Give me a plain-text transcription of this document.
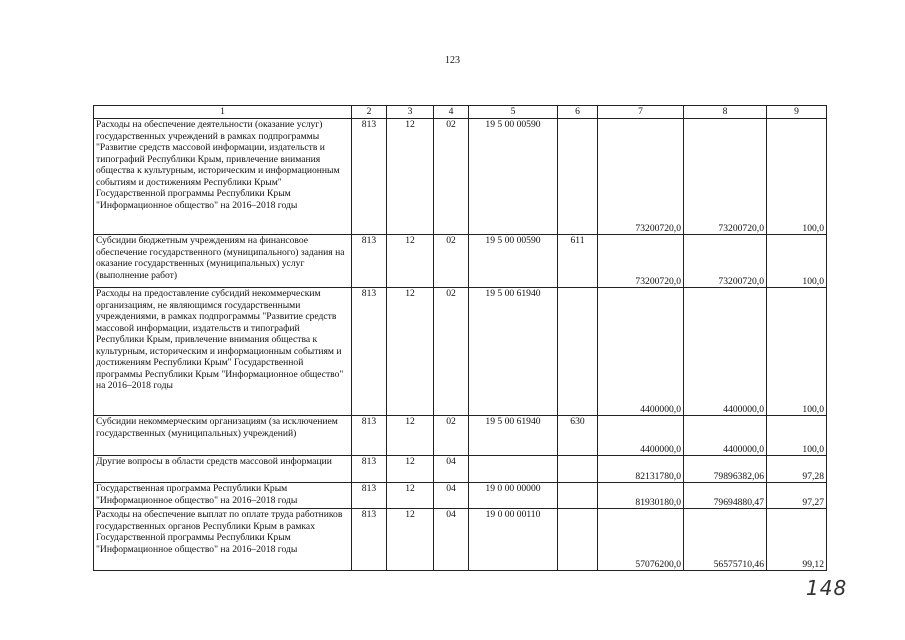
123
1	2	3	4	5	6	7	8	9
Расходы на обеспечение деятельности (оказание услуг) государственных учреждений в рамках подпрограммы "Развитие средств массовой информации, издательств и типографий Республики Крым, привлечение внимания общества к культурным, историческим и информационным событиям и достижениям Республики Крым" Государственной программы Республики Крым "Информационное общество" на 2016–2018 годы	813	12	02	19 5 00 00590		73200720,0	73200720,0	100,0
Субсидии бюджетным учреждениям на финансовое обеспечение государственного (муниципального) задания на оказание государственных (муниципальных) услуг (выполнение работ)	813	12	02	19 5 00 00590	611	73200720,0	73200720,0	100,0
Расходы на предоставление субсидий некоммерческим организациям, не являющимся государственными учреждениями, в рамках подпрограммы "Развитие средств массовой информации, издательств и типографий Республики Крым, привлечение внимания общества к культурным, историческим и информационным событиям и достижениям Республики Крым" Государственной программы Республики Крым "Информационное общество" на 2016–2018 годы	813	12	02	19 5 00 61940		4400000,0	4400000,0	100,0
Субсидии некоммерческим организациям (за исключением государственных (муниципальных) учреждений)	813	12	02	19 5 00 61940	630	4400000,0	4400000,0	100,0
Другие вопросы в области средств массовой информации	813	12	04			82131780,0	79896382,06	97,28
Государственная программа Республики Крым "Информационное общество" на 2016–2018 годы	813	12	04	19 0 00 00000		81930180,0	79694880,47	97,27
Расходы на обеспечение выплат по оплате труда работников государственных органов Республики Крым в рамках Государственной программы Республики Крым "Информационное общество" на 2016–2018 годы	813	12	04	19 0 00 00110		57076200,0	56575710,46	99,12
148
